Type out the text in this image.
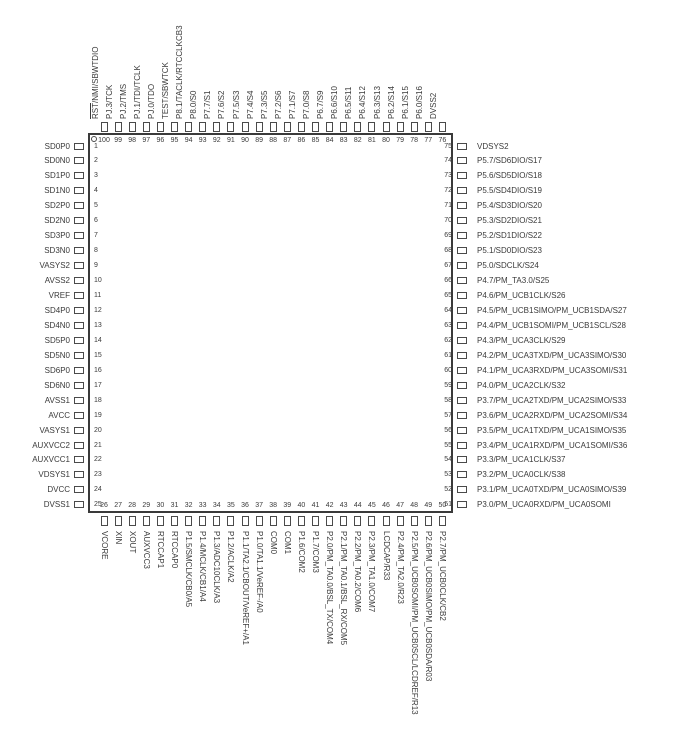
100
$\overline{RST}/NMI$/SBWTDIO
99
PJ.3/TCK
98
PJ.2/TMS
97
PJ.1/TDI/TCLK
96
PJ.0/TDO
95
TEST/SBWTCK
94
P8.1/TACLK/RTCCLKCB3
93
P8.0/S0
92
P7.7/S1
91
P7.6/S2
90
P7.5/S3
89
P7.4/S4
88
P7.3/S5
87
P7.2/S6
86
P7.1/S7
85
P7.0/S8
84
P6.7/S9
83
P6.6/S10
82
P6.5/S11
81
P6.4/S12
80
P6.3/S13
79
P6.2/S14
78
P6.1/S15
77
P6.0/S16
76
DVSS2
26
VCORE
27
XIN
28
XOUT
29
AUXVCC3
30
RTCCAP1
31
RTCCAP0
32
P1.5/SMCLK/CB0/A5
33
P1.4/MCLK/CB1/A4
34
P1.3/ADC10CLK/A3
35
P1.2/ACLK/A2
36
P1.1/TA2.1/CBOUT/VeREF+/A1
37
P1.0/TA1.1/VeREF-/A0
38
COM0
39
COM1
40
P1.6/COM2
41
P1.7/COM3
42
P2.0/PM_TA0.0/BSL_TX/COM4
43
P2.1/PM_TA0.1/BSL_RX/COM5
44
P2.2/PM_TA0.2/COM6
45
P2.3/PM_TA1.0/COM7
46
LCDCAP/R33
47
P2.4/PM_TA2.0/R23
48
P2.5/PM_UCB0SOMI/PM_UCB0SCL/LCDREF/R13
49
P2.6/PM_UCB0SIMO/PM_UCB0SDA/R03
50
P2.7/PM_UCB0CLK/CB2
1
SD0P0
2
SD0N0
3
SD1P0
4
SD1N0
5
SD2P0
6
SD2N0
7
SD3P0
8
SD3N0
9
VASYS2
10
AVSS2
11
VREF
12
SD4P0
13
SD4N0
14
SD5P0
15
SD5N0
16
SD6P0
17
SD6N0
18
AVSS1
19
AVCC
20
VASYS1
21
AUXVCC2
22
AUXVCC1
23
VDSYS1
24
DVCC
25
DVSS1
75	VDSYS2
74	P5.7/SD6DIO/S17
73	P5.6/SD5DIO/S18
72	P5.5/SD4DIO/S19
71	P5.4/SD3DIO/S20
70	P5.3/SD2DIO/S21
69	P5.2/SD1DIO/S22
68	P5.1/SD0DIO/S23
67	P5.0/SDCLK/S24
66	P4.7/PM_TA3.0/S25
65	P4.6/PM_UCB1CLK/S26
64	P4.5/PM_UCB1SIMO/PM_UCB1SDA/S27
63	P4.4/PM_UCB1SOMI/PM_UCB1SCL/S28
62	P4.3/PM_UCA3CLK/S29
61	P4.2/PM_UCA3TXD/PM_UCA3SIMO/S30
60	P4.1/PM_UCA3RXD/PM_UCA3SOMI/S31
59	P4.0/PM_UCA2CLK/S32
58	P3.7/PM_UCA2TXD/PM_UCA2SIMO/S33
57	P3.6/PM_UCA2RXD/PM_UCA2SOMI/S34
56	P3.5/PM_UCA1TXD/PM_UCA1SIMO/S35
55	P3.4/PM_UCA1RXD/PM_UCA1SOMI/S36
54	P3.3/PM_UCA1CLK/S37
53	P3.2/PM_UCA0CLK/S38
52	P3.1/PM_UCA0TXD/PM_UCA0SIMO/S39
51	P3.0/PM_UCA0RXD/PM_UCA0SOMI
